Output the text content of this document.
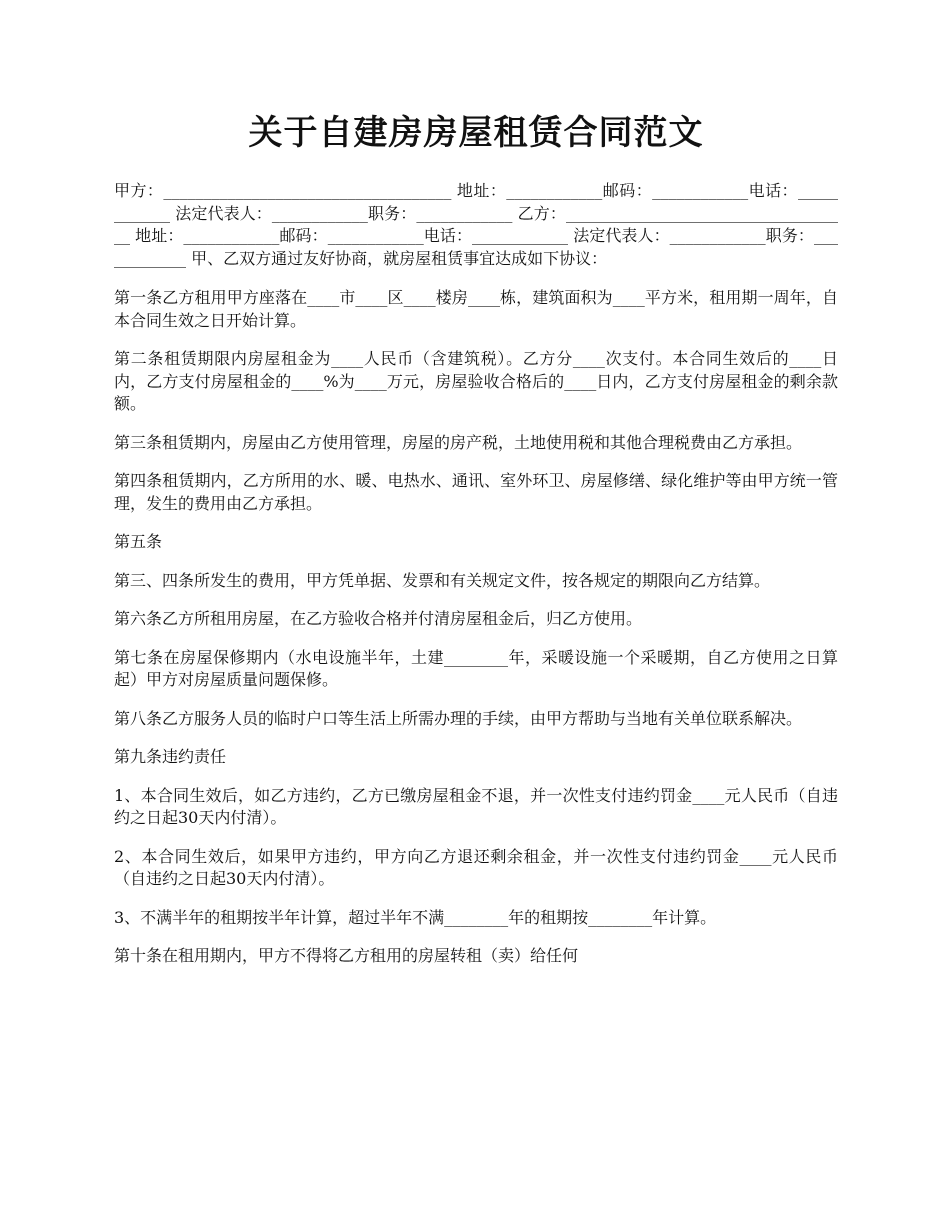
关于自建房房屋租赁合同范文

甲方：____________________________________ 地址：____________邮码：____________电话：____________ 法定代表人：____________职务：____________ 乙方：____________________________________ 地址：____________邮码：____________电话：____________ 法定代表人：____________职务：____________ 甲、乙双方通过友好协商，就房屋租赁事宜达成如下协议：

第一条乙方租用甲方座落在____市____区____楼房____栋，建筑面积为____平方米，租用期一周年，自本合同生效之日开始计算。

第二条租赁期限内房屋租金为____人民币（含建筑税）。乙方分____次支付。本合同生效后的____日内，乙方支付房屋租金的____%为____万元，房屋验收合格后的____日内，乙方支付房屋租金的剩余款额。

第三条租赁期内，房屋由乙方使用管理，房屋的房产税，土地使用税和其他合理税费由乙方承担。

第四条租赁期内，乙方所用的水、暖、电热水、通讯、室外环卫、房屋修缮、绿化维护等由甲方统一管理，发生的费用由乙方承担。

第五条

第三、四条所发生的费用，甲方凭单据、发票和有关规定文件，按各规定的期限向乙方结算。

第六条乙方所租用房屋，在乙方验收合格并付清房屋租金后，归乙方使用。

第七条在房屋保修期内（水电设施半年，土建________年，采暖设施一个采暖期，自乙方使用之日算起）甲方对房屋质量问题保修。

第八条乙方服务人员的临时户口等生活上所需办理的手续，由甲方帮助与当地有关单位联系解决。

第九条违约责任

1、本合同生效后，如乙方违约，乙方已缴房屋租金不退，并一次性支付违约罚金____元人民币（自违约之日起30天内付清）。

2、本合同生效后，如果甲方违约，甲方向乙方退还剩余租金，并一次性支付违约罚金____元人民币（自违约之日起30天内付清）。

3、不满半年的租期按半年计算，超过半年不满________年的租期按________年计算。

第十条在租用期内，甲方不得将乙方租用的房屋转租（卖）给任何
